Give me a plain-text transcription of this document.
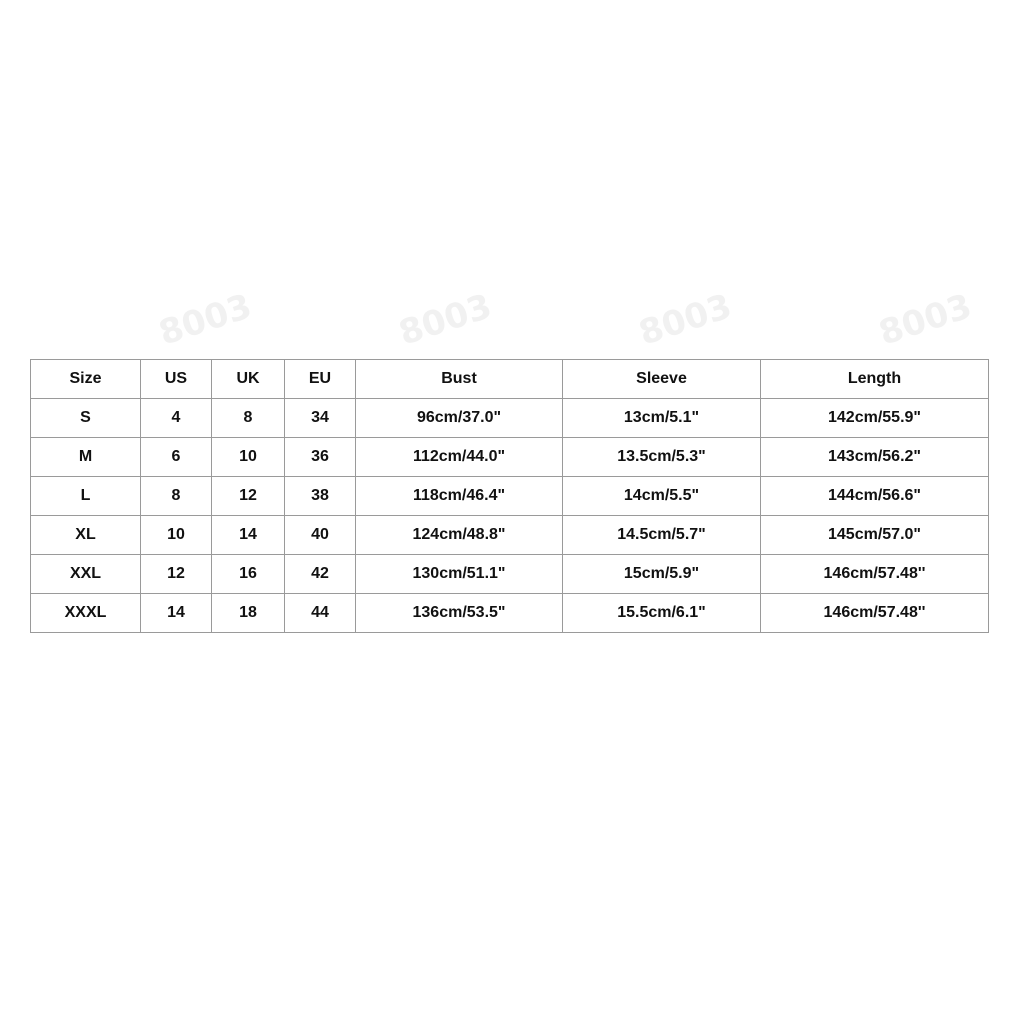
8003	8003	8003	8003
Size	US	UK	EU	Bust	Sleeve	Length
S	4	8	34	96cm/37.0"	13cm/5.1"	142cm/55.9"
M	6	10	36	112cm/44.0"	13.5cm/5.3"	143cm/56.2"
L	8	12	38	118cm/46.4"	14cm/5.5"	144cm/56.6"
XL	10	14	40	124cm/48.8"	14.5cm/5.7"	145cm/57.0"
XXL	12	16	42	130cm/51.1"	15cm/5.9"	146cm/57.48''
XXXL	14	18	44	136cm/53.5"	15.5cm/6.1"	146cm/57.48''
